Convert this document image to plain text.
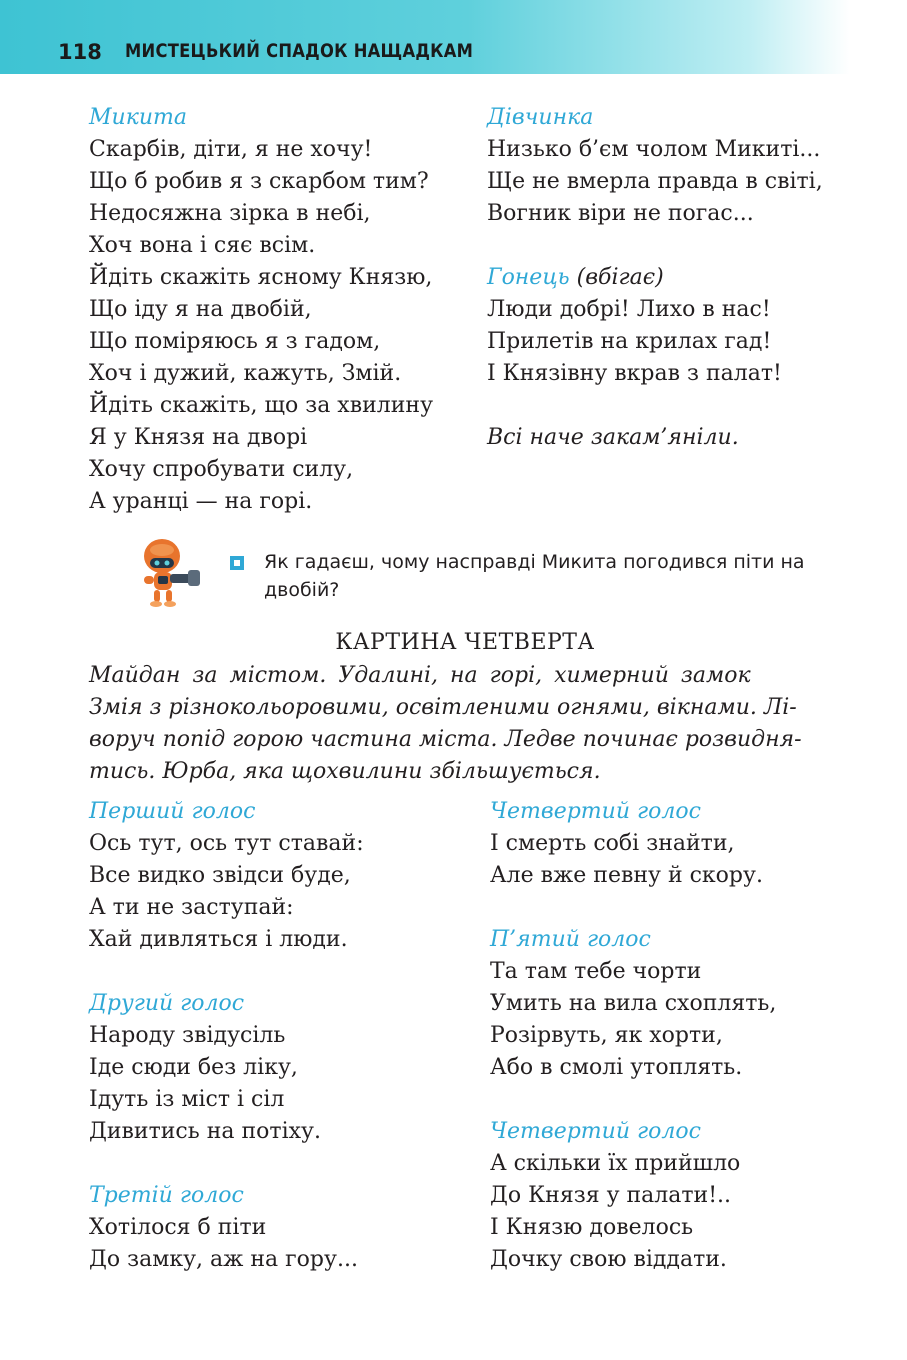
118 МИСТЕЦЬКИЙ СПАДОК НАЩАДКАМ
Микита
Скарбів, діти, я не хочу!
Що б робив я з скарбом тим?
Недосяжна зірка в небі,
Хоч вона і сяє всім.
Йдіть скажіть ясному Князю,
Що іду я на двобій,
Що поміряюсь я з гадом,
Хоч і дужий, кажуть, Змій.
Йдіть скажіть, що за хвилину
Я у Князя на дворі
Хочу спробувати силу,
А уранці — на горі.
Дівчинка
Низько б’єм чолом Микиті...
Ще не вмерла правда в світі,
Вогник віри не погас...
Гонець (вбігає)
Люди добрі! Лихо в нас!
Прилетів на крилах гад!
І Князівну вкрав з палат!
Всі наче закам’яніли.
Як гадаєш, чому насправді Микита погодився піти на двобій?
КАРТИНА ЧЕТВЕРТА
Майдан за містом. Удалині, на горі, химерний замок
Змія з різнокольоровими, освітленими огнями, вікнами. Лі-
воруч попід горою частина міста. Ледве починає розвидня-
тись. Юрба, яка щохвилини збільшується.
Перший голос
Ось тут, ось тут ставай:
Все видко звідси буде,
А ти не заступай:
Хай дивляться і люди.
Другий голос
Народу звідусіль
Іде сюди без ліку,
Ідуть із міст і сіл
Дивитись на потіху.
Третій голос
Хотілося б піти
До замку, аж на гору...
Четвертий голос
І смерть собі знайти,
Але вже певну й скору.
П’ятий голос
Та там тебе чорти
Умить на вила схоплять,
Розірвуть, як хорти,
Або в смолі утоплять.
Четвертий голос
А скільки їх прийшло
До Князя у палати!..
І Князю довелось
Дочку свою віддати.
